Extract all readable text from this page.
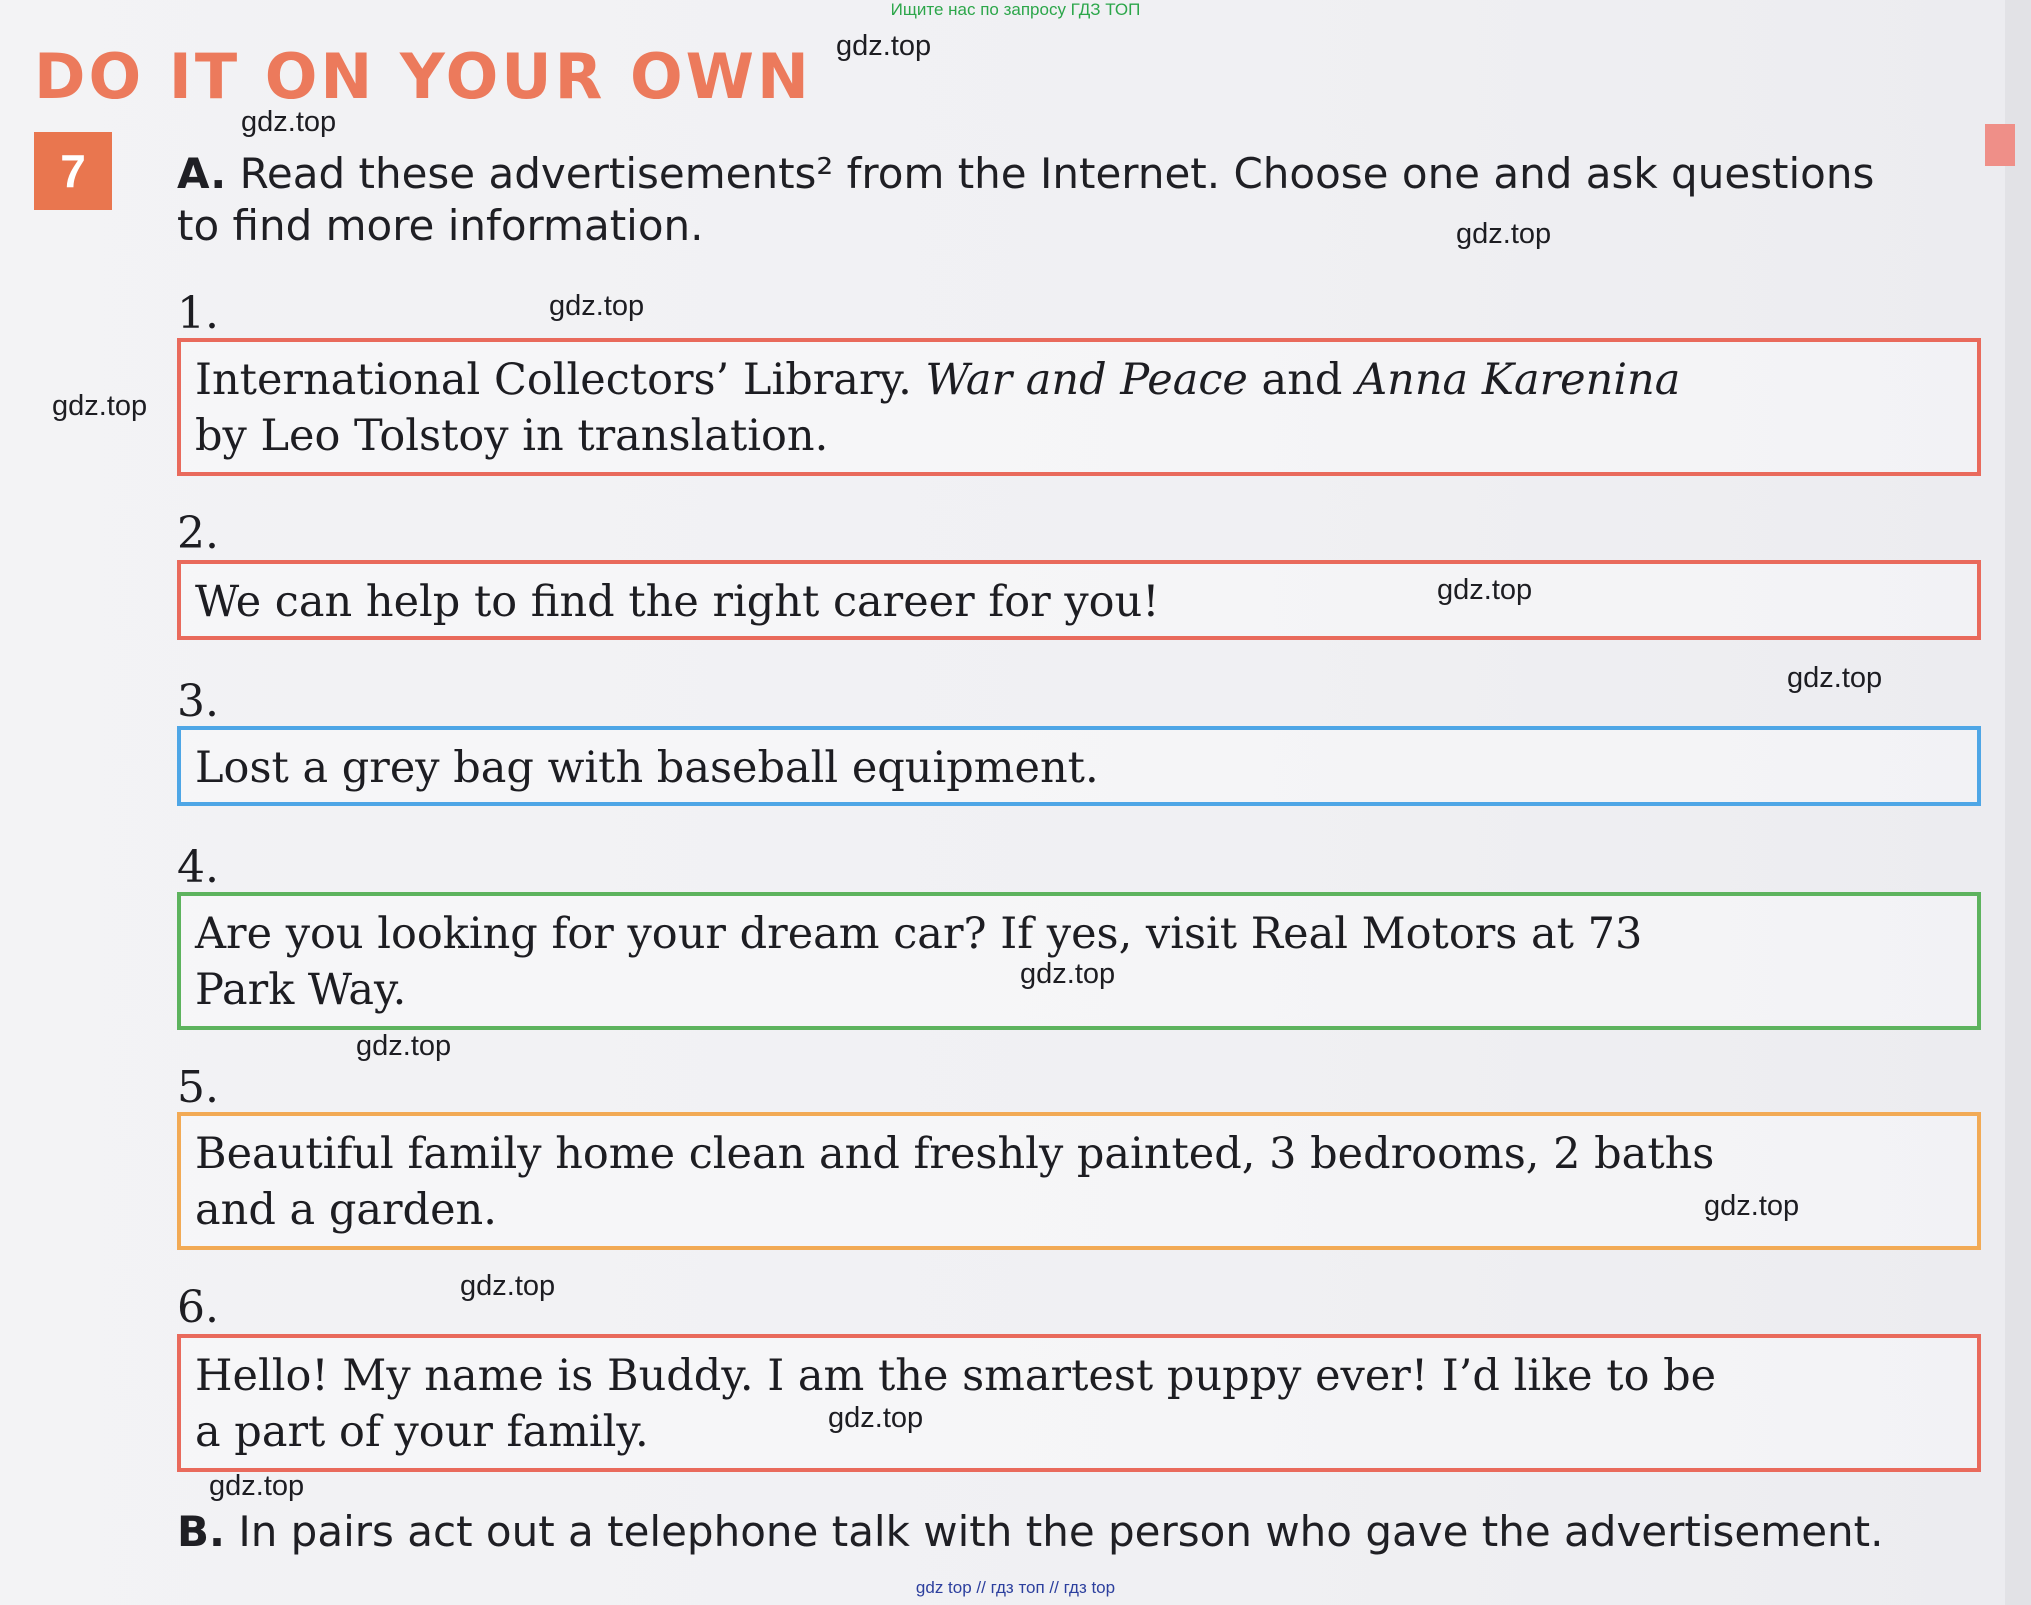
Ищите нас по запросу ГДЗ ТОП
DO IT ON YOUR OWN
7	A. Read these advertisements² from the Internet. Choose one and ask questions
to find more information.
1.
International Collectors’ Library. War and Peace and Anna Karenina
by Leo Tolstoy in translation.
2.
We can help to find the right career for you!
3.
Lost a grey bag with baseball equipment.
4.
Are you looking for your dream car? If yes, visit Real Motors at 73
Park Way.
5.
Beautiful family home clean and freshly painted, 3 bedrooms, 2 baths
and a garden.
6.
Hello! My name is Buddy. I am the smartest puppy ever! I’d like to be
a part of your family.
B. In pairs act out a telephone talk with the person who gave the advertisement.
gdz.top
gdz.top
gdz.top
gdz.top
gdz.top
gdz.top
gdz.top
gdz.top
gdz.top
gdz.top
gdz.top
gdz.top
gdz.top
gdz top // гдз топ // гдз top
